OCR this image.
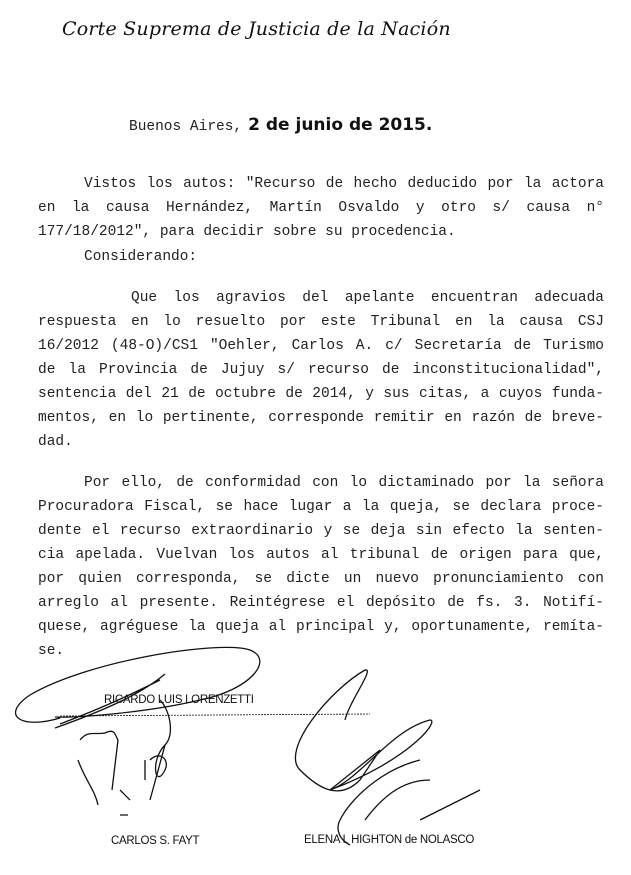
Corte Suprema de Justicia de la Nación
Buenos Aires, 2 de junio de 2015.
Vistos los autos: "Recurso de hecho deducido por la actora
en la causa Hernández, Martín Osvaldo y otro s/ causa n°
177/18/2012", para decidir sobre su procedencia.
Considerando:
Que los agravios del apelante encuentran adecuada
respuesta en lo resuelto por este Tribunal en la causa CSJ
16/2012 (48-O)/CS1 "Oehler, Carlos A. c/ Secretaría de Turismo
de la Provincia de Jujuy s/ recurso de inconstitucionalidad",
sentencia del 21 de octubre de 2014, y sus citas, a cuyos funda-
mentos, en lo pertinente, corresponde remitir en razón de breve-
dad.
Por ello, de conformidad con lo dictaminado por la señora
Procuradora Fiscal, se hace lugar a la queja, se declara proce-
dente el recurso extraordinario y se deja sin efecto la senten-
cia apelada. Vuelvan los autos al tribunal de origen para que,
por quien corresponda, se dicte un nuevo pronunciamiento con
arreglo al presente. Reintégrese el depósito de fs. 3. Notifí-
quese, agréguese la queja al principal y, oportunamente, remíta-
se.
RICARDO LUIS LORENZETTI
CARLOS S. FAYT	ELENA I. HIGHTON de NOLASCO
